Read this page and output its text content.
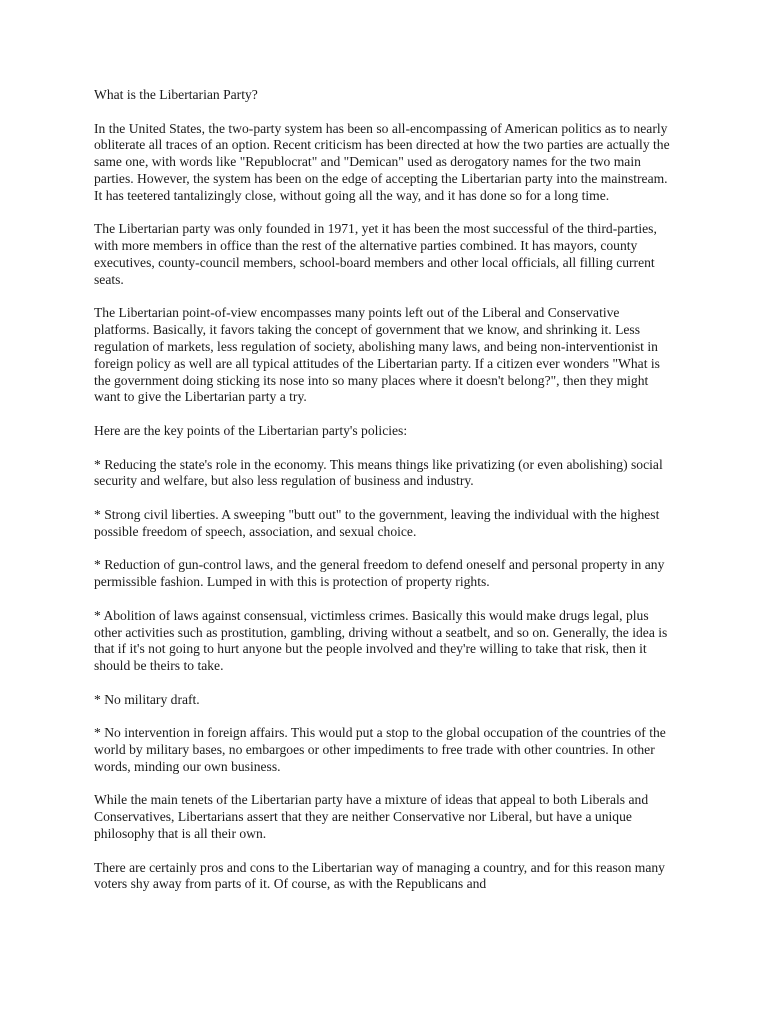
What is the Libertarian Party?

In the United States, the two-party system has been so all-encompassing of American politics as to nearly obliterate all traces of an option. Recent criticism has been directed at how the two parties are actually the same one, with words like "Republocrat" and "Demican" used as derogatory names for the two main parties. However, the system has been on the edge of accepting the Libertarian party into the mainstream. It has teetered tantalizingly close, without going all the way, and it has done so for a long time.

The Libertarian party was only founded in 1971, yet it has been the most successful of the third-parties, with more members in office than the rest of the alternative parties combined. It has mayors, county executives, county-council members, school-board members and other local officials, all filling current seats.

The Libertarian point-of-view encompasses many points left out of the Liberal and Conservative platforms. Basically, it favors taking the concept of government that we know, and shrinking it. Less regulation of markets, less regulation of society, abolishing many laws, and being non-interventionist in foreign policy as well are all typical attitudes of the Libertarian party. If a citizen ever wonders "What is the government doing sticking its nose into so many places where it doesn't belong?", then they might want to give the Libertarian party a try.

Here are the key points of the Libertarian party's policies:

* Reducing the state's role in the economy. This means things like privatizing (or even abolishing) social security and welfare, but also less regulation of business and industry.

* Strong civil liberties. A sweeping "butt out" to the government, leaving the individual with the highest possible freedom of speech, association, and sexual choice.

* Reduction of gun-control laws, and the general freedom to defend oneself and personal property in any permissible fashion. Lumped in with this is protection of property rights.

* Abolition of laws against consensual, victimless crimes. Basically this would make drugs legal, plus other activities such as prostitution, gambling, driving without a seatbelt, and so on. Generally, the idea is that if it's not going to hurt anyone but the people involved and they're willing to take that risk, then it should be theirs to take.

* No military draft.

* No intervention in foreign affairs. This would put a stop to the global occupation of the countries of the world by military bases, no embargoes or other impediments to free trade with other countries. In other words, minding our own business.

While the main tenets of the Libertarian party have a mixture of ideas that appeal to both Liberals and Conservatives, Libertarians assert that they are neither Conservative nor Liberal, but have a unique philosophy that is all their own.

There are certainly pros and cons to the Libertarian way of managing a country, and for this reason many voters shy away from parts of it. Of course, as with the Republicans and
